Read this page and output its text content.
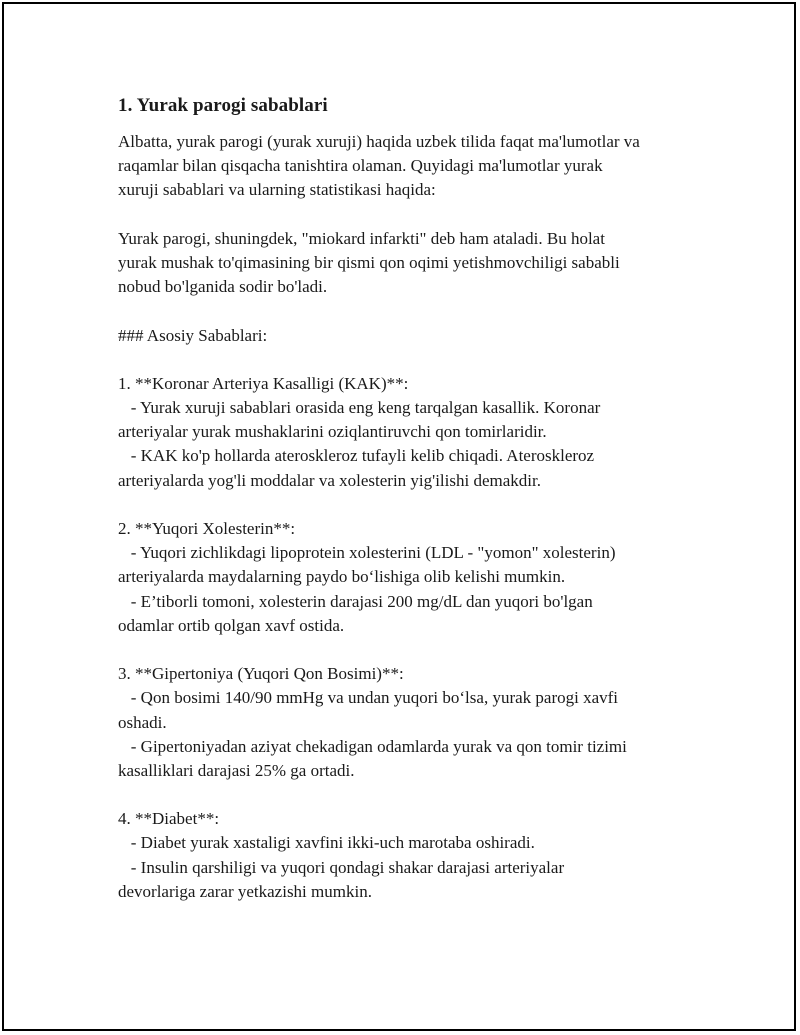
1. Yurak parogi sabablari
Albatta, yurak parogi (yurak xuruji) haqida uzbek tilida faqat ma'lumotlar va
raqamlar bilan qisqacha tanishtira olaman. Quyidagi ma'lumotlar yurak
xuruji sabablari va ularning statistikasi haqida:
Yurak parogi, shuningdek, "miokard infarkti" deb ham ataladi. Bu holat
yurak mushak to'qimasining bir qismi qon oqimi yetishmovchiligi sababli
nobud bo'lganida sodir bo'ladi.
### Asosiy Sabablari:
1. **Koronar Arteriya Kasalligi (KAK)**:
- Yurak xuruji sabablari orasida eng keng tarqalgan kasallik. Koronar
arteriyalar yurak mushaklarini oziqlantiruvchi qon tomirlaridir.
- KAK ko'p hollarda ateroskleroz tufayli kelib chiqadi. Ateroskleroz
arteriyalarda yog'li moddalar va xolesterin yig'ilishi demakdir.
2. **Yuqori Xolesterin**:
- Yuqori zichlikdagi lipoprotein xolesterini (LDL - "yomon" xolesterin)
arteriyalarda maydalarning paydo bo‘lishiga olib kelishi mumkin.
- E’tiborli tomoni, xolesterin darajasi 200 mg/dL dan yuqori bo'lgan
odamlar ortib qolgan xavf ostida.
3. **Gipertoniya (Yuqori Qon Bosimi)**:
- Qon bosimi 140/90 mmHg va undan yuqori bo‘lsa, yurak parogi xavfi
oshadi.
- Gipertoniyadan aziyat chekadigan odamlarda yurak va qon tomir tizimi
kasalliklari darajasi 25% ga ortadi.
4. **Diabet**:
- Diabet yurak xastaligi xavfini ikki-uch marotaba oshiradi.
- Insulin qarshiligi va yuqori qondagi shakar darajasi arteriyalar
devorlariga zarar yetkazishi mumkin.
